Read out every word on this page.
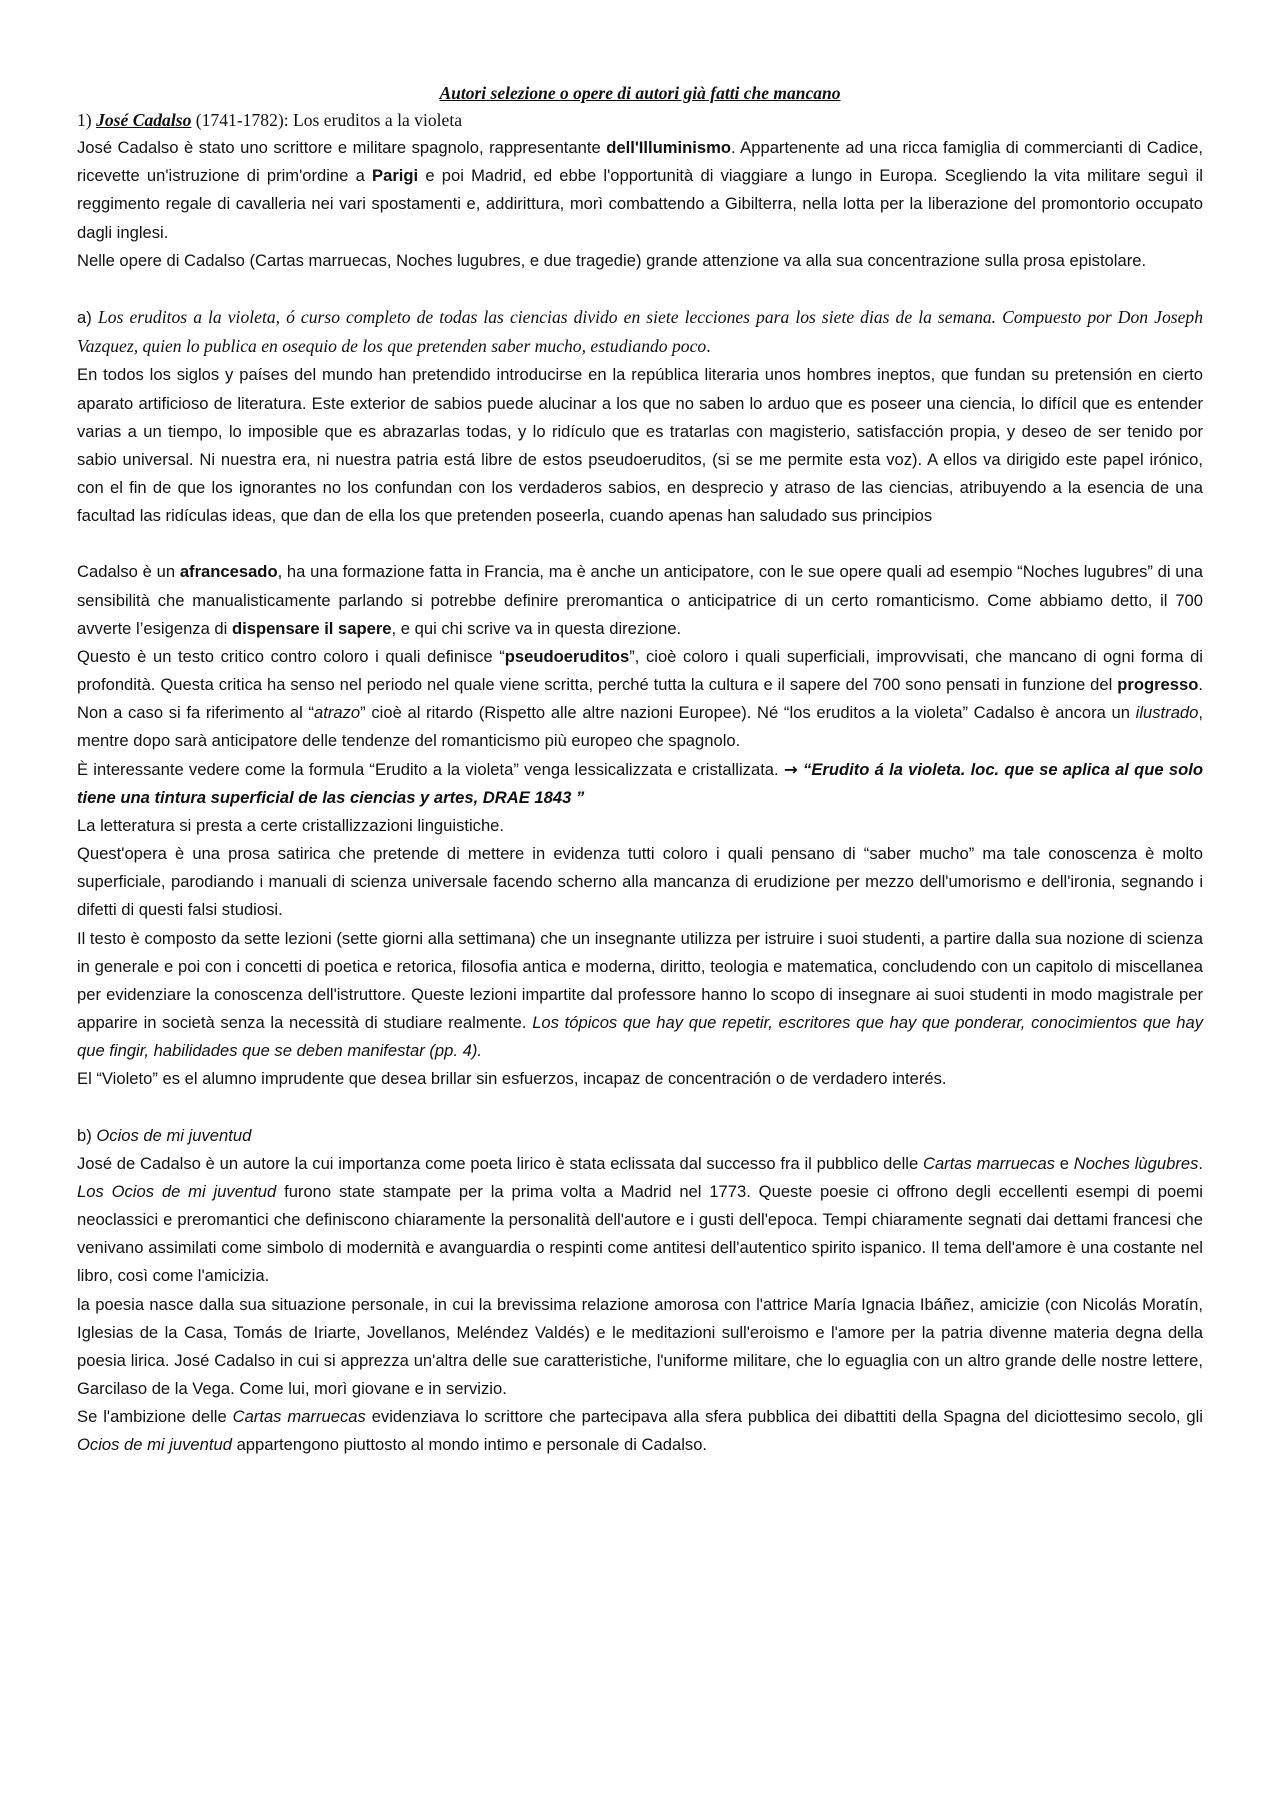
Autori selezione o opere di autori già fatti che mancano

1) José Cadalso (1741-1782): Los eruditos a la violeta

José Cadalso è stato uno scrittore e militare spagnolo, rappresentante dell'Illuminismo. Appartenente ad una ricca famiglia di commercianti di Cadice, ricevette un'istruzione di prim'ordine a Parigi e poi Madrid, ed ebbe l'opportunità di viaggiare a lungo in Europa. Scegliendo la vita militare seguì il reggimento regale di cavalleria nei vari spostamenti e, addirittura, morì combattendo a Gibilterra, nella lotta per la liberazione del promontorio occupato dagli inglesi.

Nelle opere di Cadalso (Cartas marruecas, Noches lugubres, e due tragedie) grande attenzione va alla sua concentrazione sulla prosa epistolare.

a) Los eruditos a la violeta, ó curso completo de todas las ciencias divido en siete lecciones para los siete dias de la semana. Compuesto por Don Joseph Vazquez, quien lo publica en osequio de los que pretenden saber mucho, estudiando poco.

En todos los siglos y países del mundo han pretendido introducirse en la república literaria unos hombres ineptos, que fundan su pretensión en cierto aparato artificioso de literatura. Este exterior de sabios puede alucinar a los que no saben lo arduo que es poseer una ciencia, lo difícil que es entender varias a un tiempo, lo imposible que es abrazarlas todas, y lo ridículo que es tratarlas con magisterio, satisfacción propia, y deseo de ser tenido por sabio universal. Ni nuestra era, ni nuestra patria está libre de estos pseudoeruditos, (si se me permite esta voz). A ellos va dirigido este papel irónico, con el fin de que los ignorantes no los confundan con los verdaderos sabios, en desprecio y atraso de las ciencias, atribuyendo a la esencia de una facultad las ridículas ideas, que dan de ella los que pretenden poseerla, cuando apenas han saludado sus principios

Cadalso è un afrancesado, ha una formazione fatta in Francia, ma è anche un anticipatore, con le sue opere quali ad esempio “Noches lugubres” di una sensibilità che manualisticamente parlando si potrebbe definire preromantica o anticipatrice di un certo romanticismo. Come abbiamo detto, il 700 avverte l’esigenza di dispensare il sapere, e qui chi scrive va in questa direzione.

Questo è un testo critico contro coloro i quali definisce “pseudoeruditos”, cioè coloro i quali superficiali, improvvisati, che mancano di ogni forma di profondità. Questa critica ha senso nel periodo nel quale viene scritta, perché tutta la cultura e il sapere del 700 sono pensati in funzione del progresso. Non a caso si fa riferimento al “atrazo” cioè al ritardo (Rispetto alle altre nazioni Europee). Né “los eruditos a la violeta” Cadalso è ancora un ilustrado, mentre dopo sarà anticipatore delle tendenze del romanticismo più europeo che spagnolo.

È interessante vedere come la formula “Erudito a la violeta” venga lessicalizzata e cristallizata. → “Erudito á la violeta. loc. que se aplica al que solo tiene una tintura superficial de las ciencias y artes, DRAE 1843 ”

La letteratura si presta a certe cristallizzazioni linguistiche.

Quest'opera è una prosa satirica che pretende di mettere in evidenza tutti coloro i quali pensano di “saber mucho” ma tale conoscenza è molto superficiale, parodiando i manuali di scienza universale facendo scherno alla mancanza di erudizione per mezzo dell'umorismo e dell'ironia, segnando i difetti di questi falsi studiosi.

Il testo è composto da sette lezioni (sette giorni alla settimana) che un insegnante utilizza per istruire i suoi studenti, a partire dalla sua nozione di scienza in generale e poi con i concetti di poetica e retorica, filosofia antica e moderna, diritto, teologia e matematica, concludendo con un capitolo di miscellanea per evidenziare la conoscenza dell'istruttore. Queste lezioni impartite dal professore hanno lo scopo di insegnare ai suoi studenti in modo magistrale per apparire in società senza la necessità di studiare realmente. Los tópicos que hay que repetir, escritores que hay que ponderar, conocimientos que hay que fingir, habilidades que se deben manifestar (pp. 4).

El “Violeto” es el alumno imprudente que desea brillar sin esfuerzos, incapaz de concentración o de verdadero interés.

b) Ocios de mi juventud

José de Cadalso è un autore la cui importanza come poeta lirico è stata eclissata dal successo fra il pubblico delle Cartas marruecas e Noches lùgubres. Los Ocios de mi juventud furono state stampate per la prima volta a Madrid nel 1773. Queste poesie ci offrono degli eccellenti esempi di poemi neoclassici e preromantici che definiscono chiaramente la personalità dell'autore e i gusti dell'epoca. Tempi chiaramente segnati dai dettami francesi che venivano assimilati come simbolo di modernità e avanguardia o respinti come antitesi dell'autentico spirito ispanico. Il tema dell'amore è una costante nel libro, così come l'amicizia.

la poesia nasce dalla sua situazione personale, in cui la brevissima relazione amorosa con l'attrice María Ignacia Ibáñez, amicizie (con Nicolás Moratín, Iglesias de la Casa, Tomás de Iriarte, Jovellanos, Meléndez Valdés) e le meditazioni sull'eroismo e l'amore per la patria divenne materia degna della poesia lirica. José Cadalso in cui si apprezza un'altra delle sue caratteristiche, l'uniforme militare, che lo eguaglia con un altro grande delle nostre lettere, Garcilaso de la Vega. Come lui, morì giovane e in servizio.

Se l'ambizione delle Cartas marruecas evidenziava lo scrittore che partecipava alla sfera pubblica dei dibattiti della Spagna del diciottesimo secolo, gli Ocios de mi juventud appartengono piuttosto al mondo intimo e personale di Cadalso.
